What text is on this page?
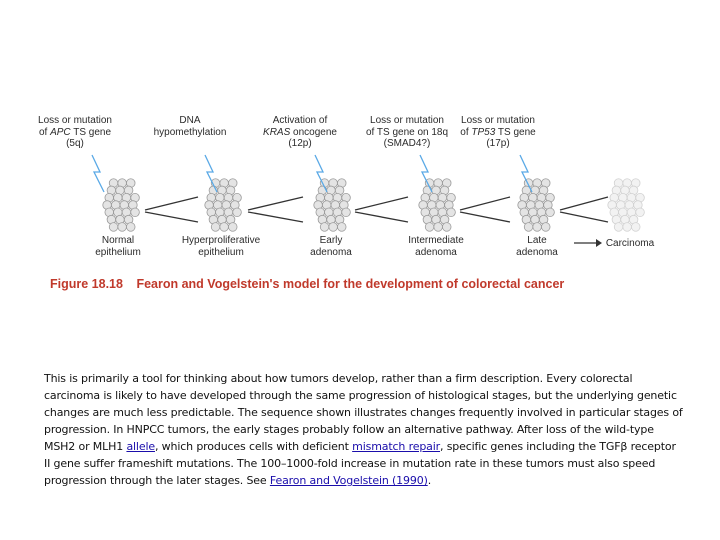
Loss or mutation
of APC TS gene
(5q)
DNA
hypomethylation
Activation of
KRAS oncogene
(12p)
Loss or mutation
of TS gene on 18q
(SMAD4?)
Loss or mutation
of TP53 TS gene
(17p)
Normal
epithelium
Hyperproliferative
epithelium
Early
adenoma
Intermediate
adenoma
Late
adenoma
Carcinoma
Figure 18.18 Fearon and Vogelstein's model for the development of colorectal cancer
This is primarily a tool for thinking about how tumors develop, rather than a firm description. Every colorectal carcinoma is likely to have developed through the same progression of histological stages, but the underlying genetic changes are much less predictable. The sequence shown illustrates changes frequently involved in particular stages of progression. In HNPCC tumors, the early stages probably follow an alternative pathway. After loss of the wild-type MSH2 or MLH1 allele, which produces cells with deficient mismatch repair, specific genes including the TGFβ receptor II gene suffer frameshift mutations. The 100–1000-fold increase in mutation rate in these tumors must also speed progression through the later stages. See Fearon and Vogelstein (1990).
